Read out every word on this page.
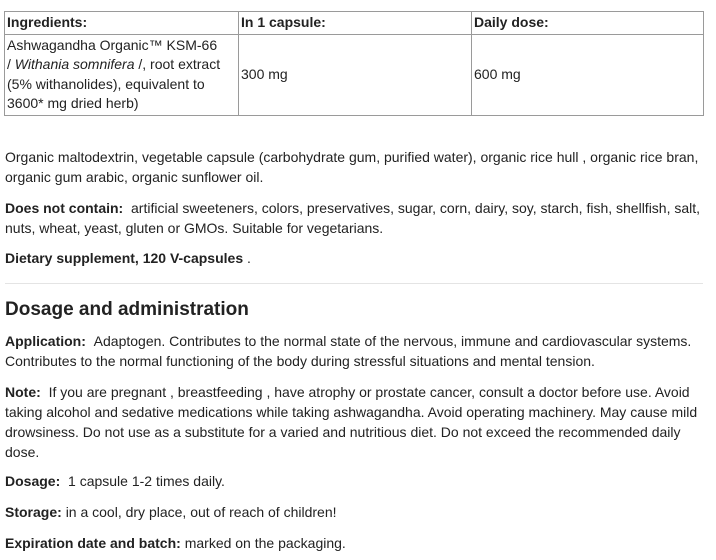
Ingredients:	In 1 capsule:	Daily dose:
Ashwagandha Organic™ KSM-66
/ Withania somnifera /, root extract (5% withanolides), equivalent to 3600* mg dried herb)	300 mg	600 mg

Organic maltodextrin, vegetable capsule (carbohydrate gum, purified water), organic rice hull , organic rice bran, organic gum arabic, organic sunflower oil.

Does not contain: artificial sweeteners, colors, preservatives, sugar, corn, dairy, soy, starch, fish, shellfish, salt, nuts, wheat, yeast, gluten or GMOs. Suitable for vegetarians.

Dietary supplement, 120 V-capsules .

Dosage and administration

Application: Adaptogen. Contributes to the normal state of the nervous, immune and cardiovascular systems. Contributes to the normal functioning of the body during stressful situations and mental tension.

Note: If you are pregnant , breastfeeding , have atrophy or prostate cancer, consult a doctor before use. Avoid taking alcohol and sedative medications while taking ashwagandha. Avoid operating machinery. May cause mild drowsiness. Do not use as a substitute for a varied and nutritious diet. Do not exceed the recommended daily dose.

Dosage: 1 capsule 1-2 times daily.

Storage: in a cool, dry place, out of reach of children!

Expiration date and batch: marked on the packaging.
